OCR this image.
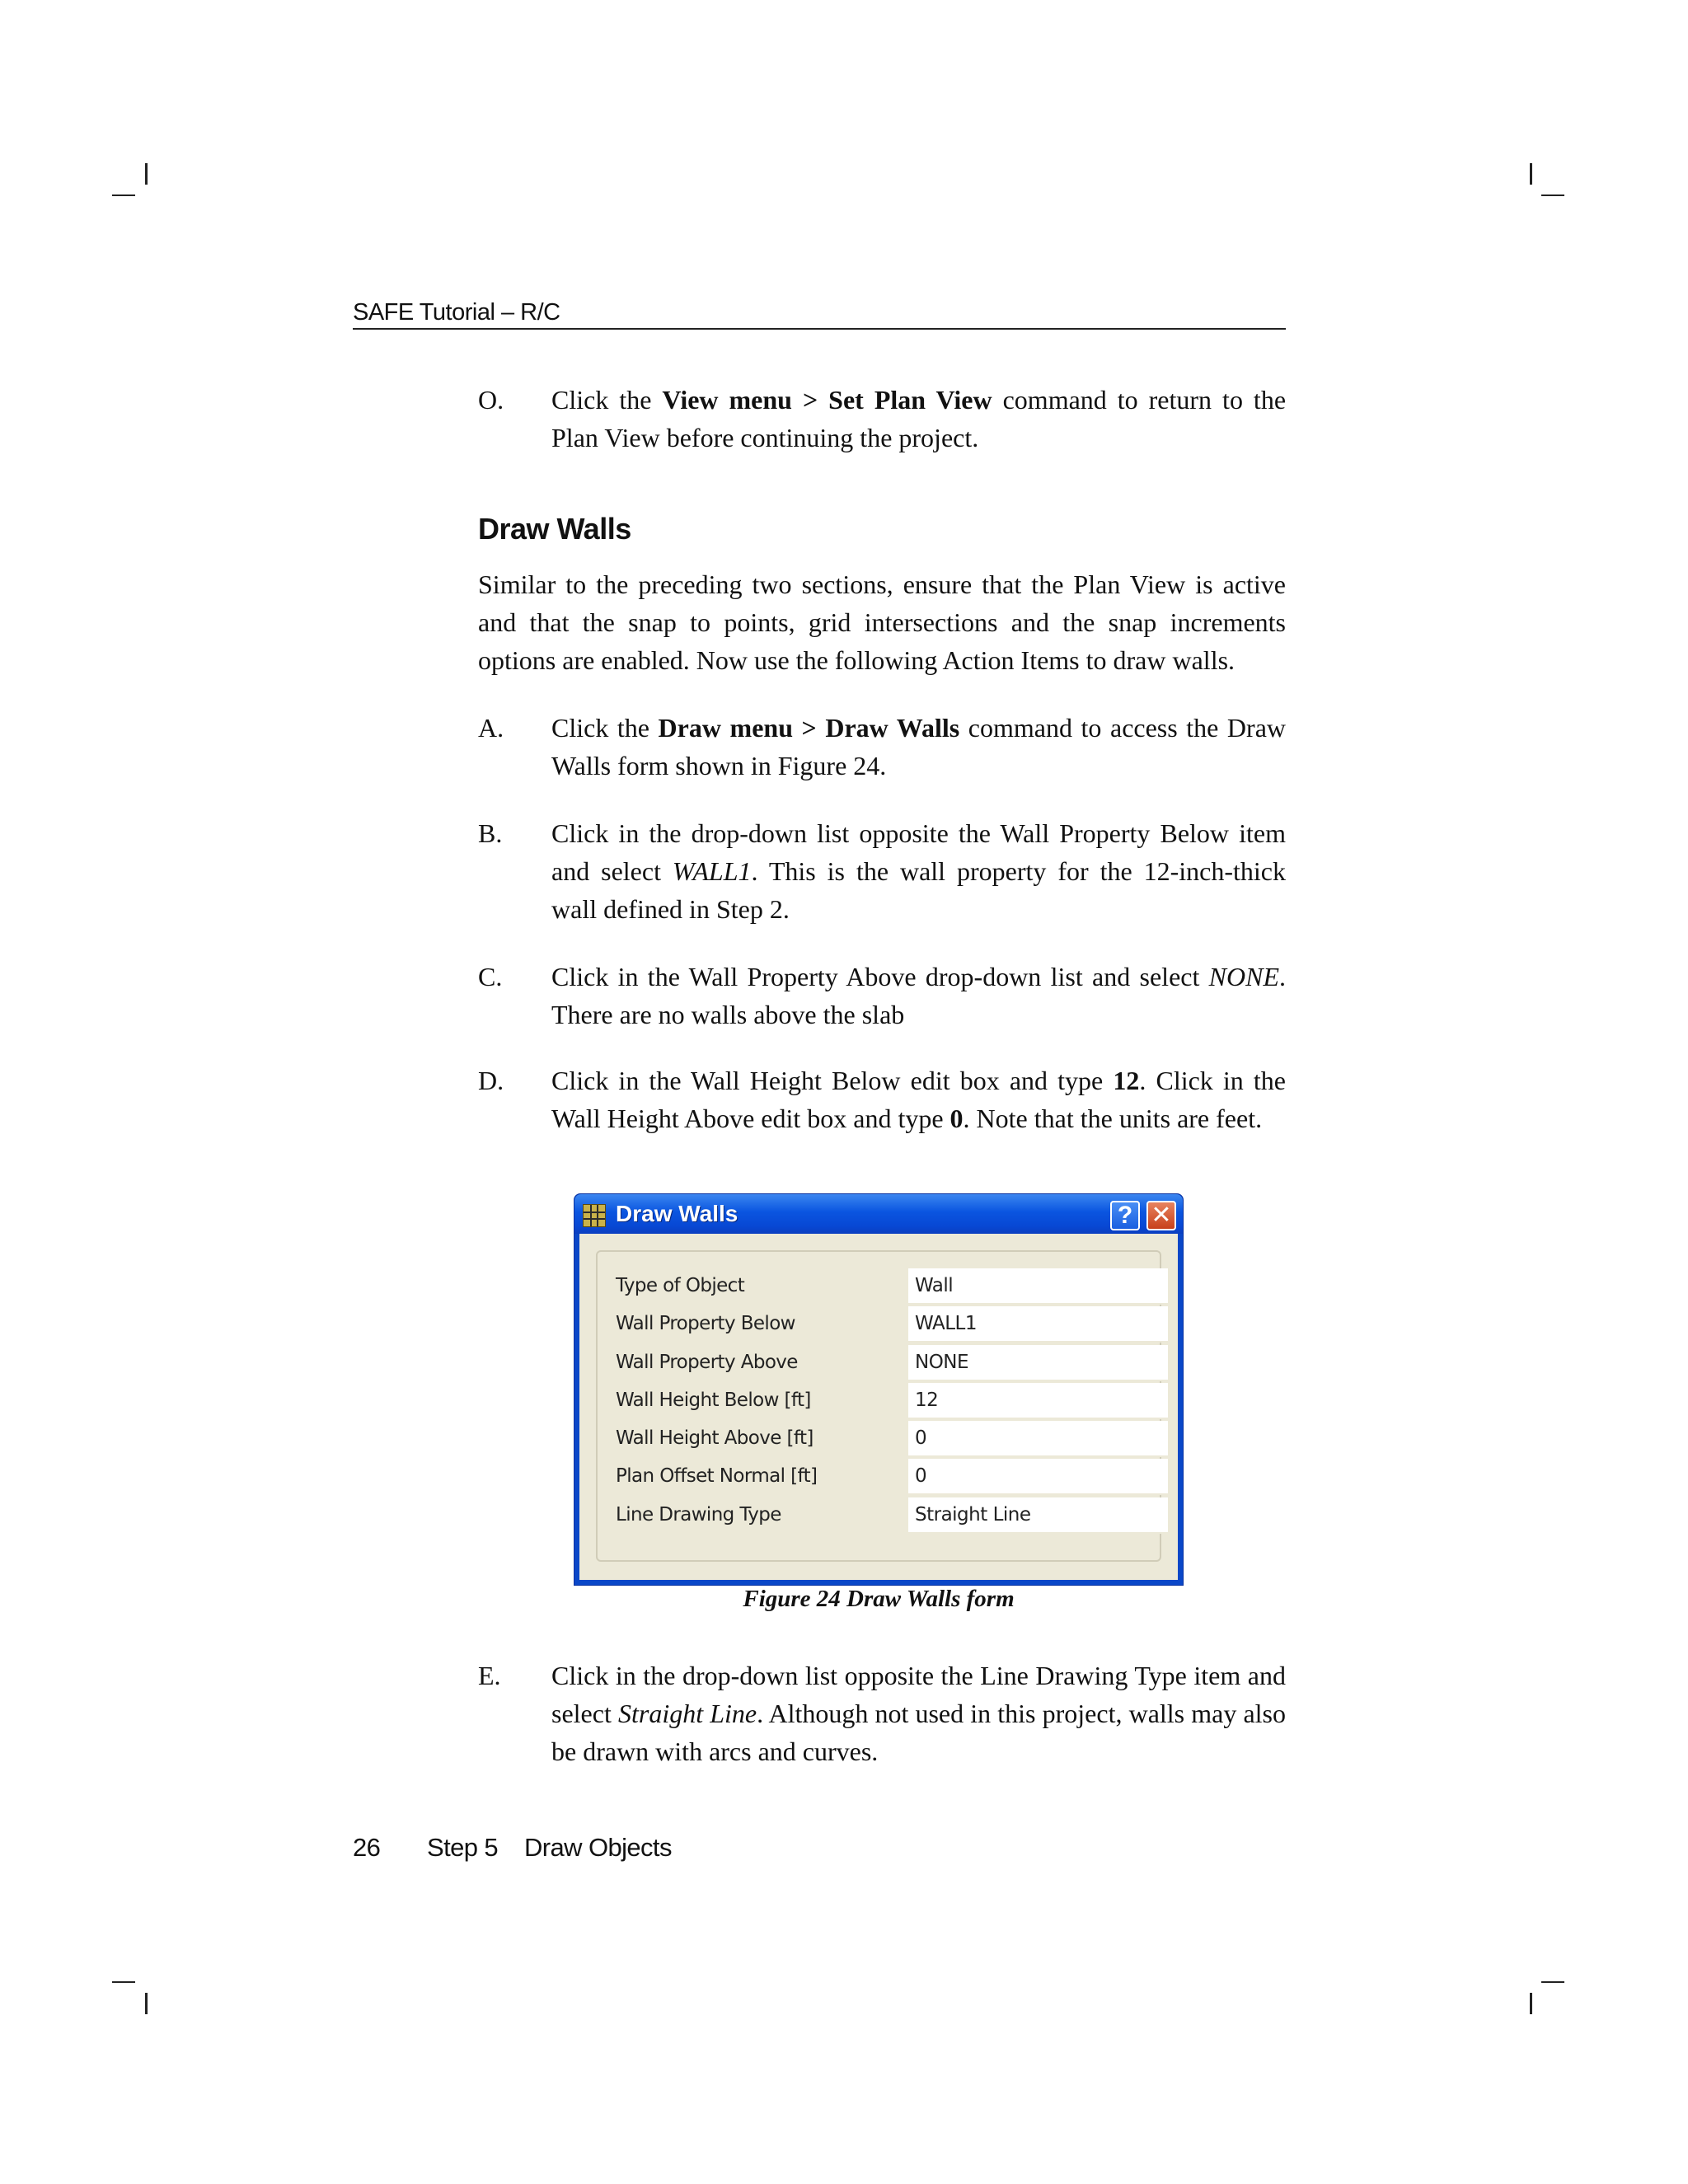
SAFE Tutorial – R/C
O. Click the View menu > Set Plan View command to return to the Plan View before continuing the project.
Draw Walls
Similar to the preceding two sections, ensure that the Plan View is active and that the snap to points, grid intersections and the snap increments options are enabled. Now use the following Action Items to draw walls.
A. Click the Draw menu > Draw Walls command to access the Draw Walls form shown in Figure 24.
B. Click in the drop-down list opposite the Wall Property Below item and select WALL1. This is the wall property for the 12-inch-thick wall defined in Step 2.
C. Click in the Wall Property Above drop-down list and select NONE. There are no walls above the slab
D. Click in the Wall Height Below edit box and type 12. Click in the Wall Height Above edit box and type 0. Note that the units are feet.
Draw Walls	? ✕
Type of Object	Wall
Wall Property Below	WALL1
Wall Property Above	NONE
Wall Height Below [ft]	12
Wall Height Above [ft]	0
Plan Offset Normal [ft]	0
Line Drawing Type	Straight Line
Figure 24 Draw Walls form
E. Click in the drop-down list opposite the Line Drawing Type item and select Straight Line. Although not used in this project, walls may also be drawn with arcs and curves.
26 Step 5 Draw Objects
